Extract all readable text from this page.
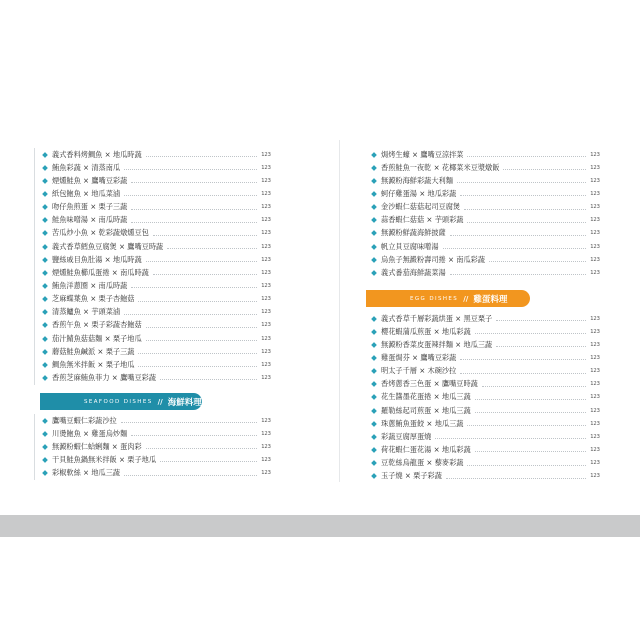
義式香料烤鯛魚 × 地瓜時蔬	123
鮪魚彩蔬 × 清蒸南瓜	123
煙燻鮭魚 × 鷹嘴豆彩蔬	123
紙包鮑魚 × 地瓜菜滷	123
吻仔魚煎蛋 × 栗子三蔬	123
鮭魚味噌湯 × 南瓜時蔬	123
苦瓜炒小魚 × 乾彩蔬燉燻豆包	123
義式香草鱈魚豆腐煲 × 鷹嘴豆時蔬	123
鹽絲戚目魚肚湯 × 地瓜時蔬	123
煙燻鮭魚櫛瓜蛋捲 × 南瓜時蔬	123
鮪魚洋蔥圈 × 南瓜時蔬	123
芝麻蝶葉魚 × 栗子杏鮑菇	123
清蒸鱸魚 × 芋頭菜滷	123
香煎午魚 × 栗子彩蔬杏鮑菇	123
茄汁鯖魚菇菇麵 × 栗子地瓜	123
蘑菇鮭魚鹹派 × 栗子三蔬	123
鯛魚無米拌飯 × 栗子地瓜	123
香煎芝麻鮪魚菲力 × 鷹嘴豆彩蔬	123
SEAFOOD DISHES // 海鮮料理
鷹嘴豆蝦仁彩蔬沙拉	123
川燙鮑魚 × 雞蛋烏炒麵	123
無澱粉蝦仁蛤蜊麵 × 蛋肉彩	123
干貝鮭魚鍋無米拌飯 × 栗子地瓜	123
彩椒軟絲 × 地瓜三蔬	123
焗烤生蠔 × 鷹嘴豆涼拌菜	123
香煎鮭魚一夜乾 × 花椰菜米豆漿燉飯	123
無澱粉海鮮彩蔬大利麵	123
蚵仔雞蛋湯 × 地瓜彩蔬	123
金沙蝦仁菇菇起司豆腐煲	123
蒜香蝦仁菇菇 × 芋頭彩蔬	123
無澱粉鮮蔬海鮮披薩	123
帆立貝豆腐味噌湯	123
烏魚子無澱粉壽司捲 × 南瓜彩蔬	123
義式番茄海鮮蔬菜湯	123
EGG DISHES // 雞蛋料理
義式香草千層彩蔬烘蛋 × 黑豆栗子	123
櫻花蝦蒲瓜煎蛋 × 地瓜彩蔬	123
無澱粉香菜皮蛋辣拌麵 × 地瓜三蔬	123
雞蛋焗芬 × 鷹嘴豆彩蔬	123
明太子千層 × 木碗沙拉	123
香烤蔥香三色蛋 × 鷹嘴豆時蔬	123
花生醬墨花蛋捲 × 地瓜三蔬	123
羅勒絲起司煎蛋 × 地瓜三蔬	123
珠蔥鮪魚蛋餃 × 地瓜三蔬	123
彩蔬豆腐厚蛋燒	123
荷花蝦仁蛋花湯 × 地瓜彩蔬	123
豆乾絲烏龍蛋 × 藜麥彩蔬	123
玉子燒 × 栗子彩蔬	123
